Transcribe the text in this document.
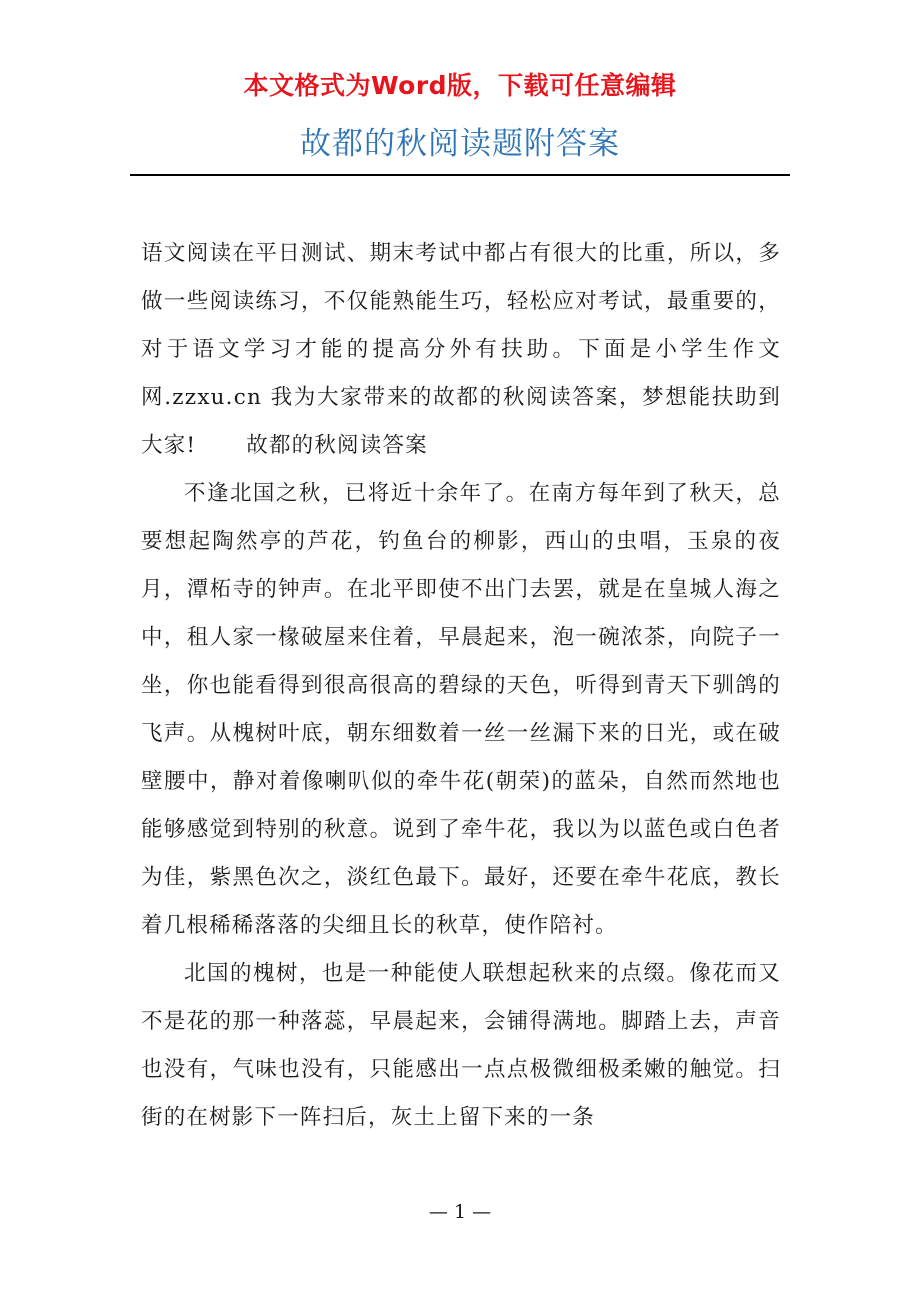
本文格式为Word版，下载可任意编辑
故都的秋阅读题附答案

语文阅读在平日测试、期末考试中都占有很大的比重，所以，多做一些阅读练习，不仅能熟能生巧，轻松应对考试，最重要的，对于语文学习才能的提高分外有扶助。下面是小学生作文网.zzxu.cn 我为大家带来的故都的秋阅读答案，梦想能扶助到大家! 故都的秋阅读答案

不逢北国之秋，已将近十余年了。在南方每年到了秋天，总要想起陶然亭的芦花，钓鱼台的柳影，西山的虫唱，玉泉的夜月，潭柘寺的钟声。在北平即使不出门去罢，就是在皇城人海之中，租人家一椽破屋来住着，早晨起来，泡一碗浓茶，向院子一坐，你也能看得到很高很高的碧绿的天色，听得到青天下驯鸽的飞声。从槐树叶底，朝东细数着一丝一丝漏下来的日光，或在破壁腰中，静对着像喇叭似的牵牛花(朝荣)的蓝朵，自然而然地也能够感觉到特别的秋意。说到了牵牛花，我以为以蓝色或白色者为佳，紫黑色次之，淡红色最下。最好，还要在牵牛花底，教长着几根稀稀落落的尖细且长的秋草，使作陪衬。

北国的槐树，也是一种能使人联想起秋来的点缀。像花而又不是花的那一种落蕊，早晨起来，会铺得满地。脚踏上去，声音也没有，气味也没有，只能感出一点点极微细极柔嫩的触觉。扫街的在树影下一阵扫后，灰土上留下来的一条

— 1 —
